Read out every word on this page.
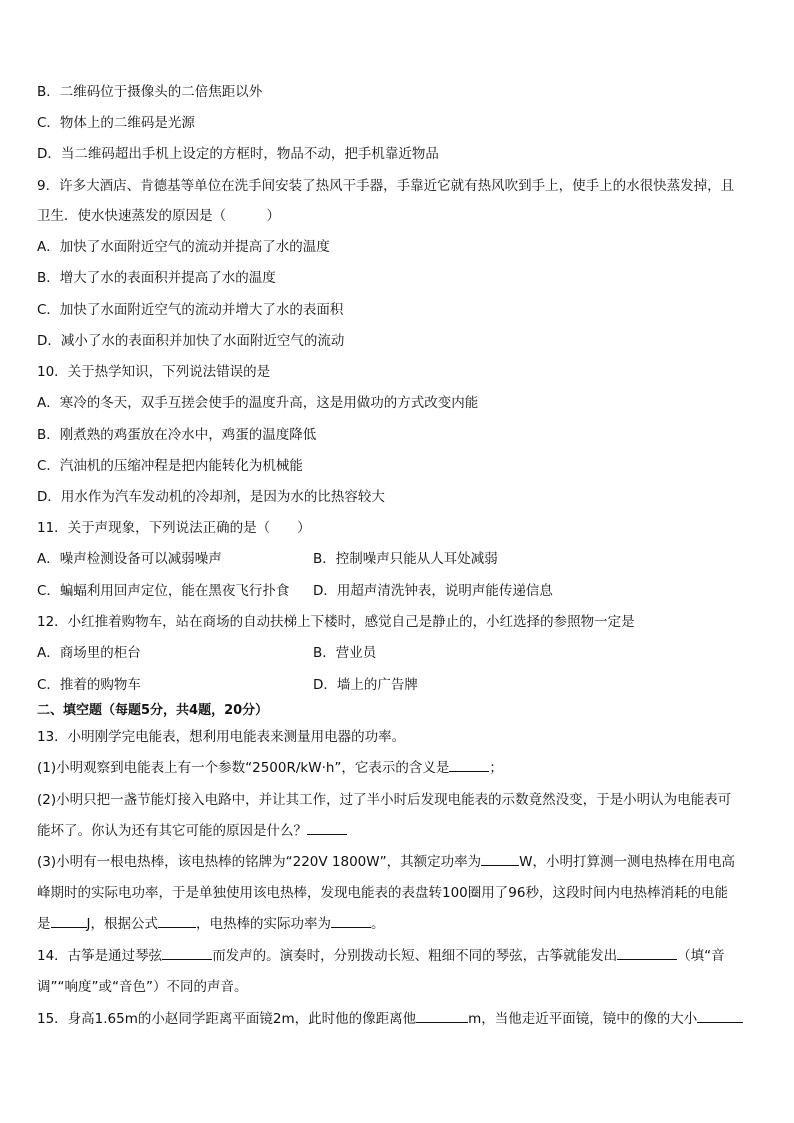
B．二维码位于摄像头的二倍焦距以外
C．物体上的二维码是光源
D．当二维码超出手机上设定的方框时，物品不动，把手机靠近物品
9．许多大酒店、肯德基等单位在洗手间安装了热风干手器，手靠近它就有热风吹到手上，使手上的水很快蒸发掉，且
卫生．使水快速蒸发的原因是（　　　）
A．加快了水面附近空气的流动并提高了水的温度
B．增大了水的表面积并提高了水的温度
C．加快了水面附近空气的流动并增大了水的表面积
D．减小了水的表面积并加快了水面附近空气的流动
10．关于热学知识，下列说法错误的是
A．寒冷的冬天，双手互搓会使手的温度升高，这是用做功的方式改变内能
B．刚煮熟的鸡蛋放在冷水中，鸡蛋的温度降低
C．汽油机的压缩冲程是把内能转化为机械能
D．用水作为汽车发动机的冷却剂，是因为水的比热容较大
11．关于声现象，下列说法正确的是（　　）
A．噪声检测设备可以减弱噪声	B．控制噪声只能从人耳处减弱
C．蝙蝠利用回声定位，能在黑夜飞行扑食 D．用超声清洗钟表，说明声能传递信息
12．小红推着购物车，站在商场的自动扶梯上下楼时，感觉自己是静止的，小红选择的参照物一定是
A．商场里的柜台	B．营业员
C．推着的购物车	D．墙上的广告牌
二、填空题（每题5分，共4题，20分）
13．小明刚学完电能表，想利用电能表来测量用电器的功率。
(1)小明观察到电能表上有一个参数“2500R/kW·h”，它表示的含义是	；
(2)小明只把一盏节能灯接入电路中，并让其工作，过了半小时后发现电能表的示数竟然没变，于是小明认为电能表可
能坏了。你认为还有其它可能的原因是什么？
(3)小明有一根电热棒，该电热棒的铭牌为“220V 1800W”，其额定功率为	W，小明打算测一测电热棒在用电高
峰期时的实际电功率，于是单独使用该电热棒，发现电能表的表盘转100圈用了96秒，这段时间内电热棒消耗的电能
是	J，根据公式	，电热棒的实际功率为	。
14．古筝是通过琴弦	而发声的。演奏时，分别拨动长短、粗细不同的琴弦，古筝就能发出	（填“音
调”“响度”或“音色”）不同的声音。
15．身高1.65m的小赵同学距离平面镜2m，此时他的像距离他	m，当他走近平面镜，镜中的像的大小
